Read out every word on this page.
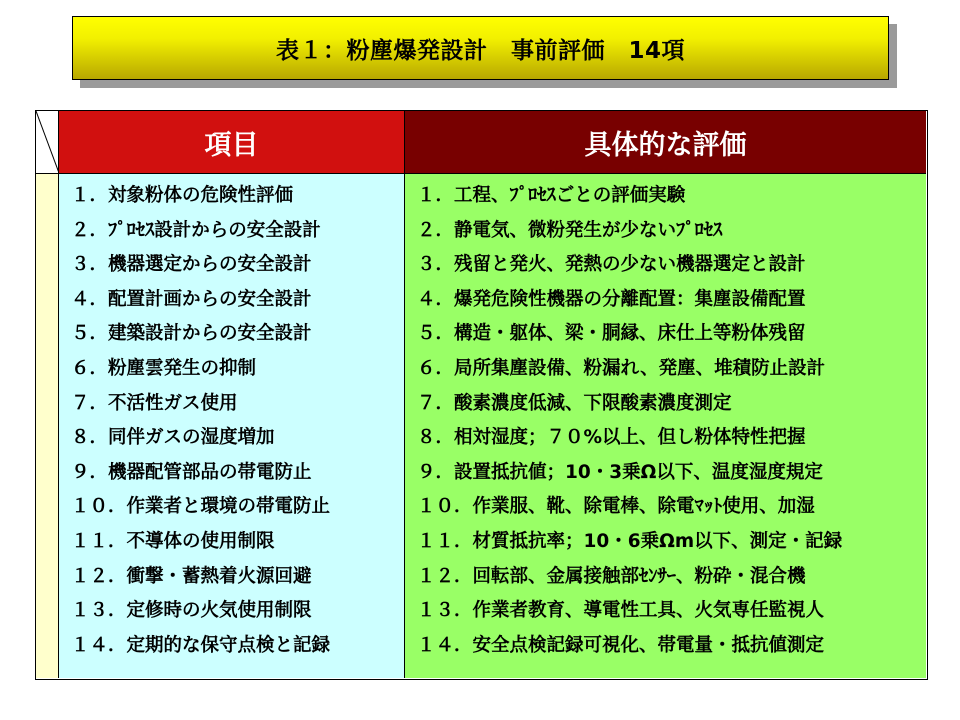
表１：粉塵爆発設計　事前評価　14項
項目	具体的な評価
１．対象粉体の危険性評価
２．ﾌﾟﾛｾｽ設計からの安全設計
３．機器選定からの安全設計
４．配置計画からの安全設計
５．建築設計からの安全設計
６．粉塵雲発生の抑制
７．不活性ガス使用
８．同伴ガスの湿度増加
９．機器配管部品の帯電防止
１０．作業者と環境の帯電防止
１１．不導体の使用制限
１２．衝撃・蓄熱着火源回避
１３．定修時の火気使用制限
１４．定期的な保守点検と記録
１．工程、ﾌﾟﾛｾｽごとの評価実験
２．静電気、微粉発生が少ないﾌﾟﾛｾｽ
３．残留と発火、発熱の少ない機器選定と設計
４．爆発危険性機器の分離配置：集塵設備配置
５．構造・躯体、梁・胴縁、床仕上等粉体残留
６．局所集塵設備、粉漏れ、発塵、堆積防止設計
７．酸素濃度低減、下限酸素濃度測定
８．相対湿度；７０%以上、但し粉体特性把握
９．設置抵抗値；10・3乗Ω以下、温度湿度規定
１０．作業服、靴、除電棒、除電ﾏｯﾄ使用、加湿
１１．材質抵抗率；10・6乗Ωm以下、測定・記録
１２．回転部、金属接触部ｾﾝｻｰ、粉砕・混合機
１３．作業者教育、導電性工具、火気専任監視人
１４．安全点検記録可視化、帯電量・抵抗値測定
